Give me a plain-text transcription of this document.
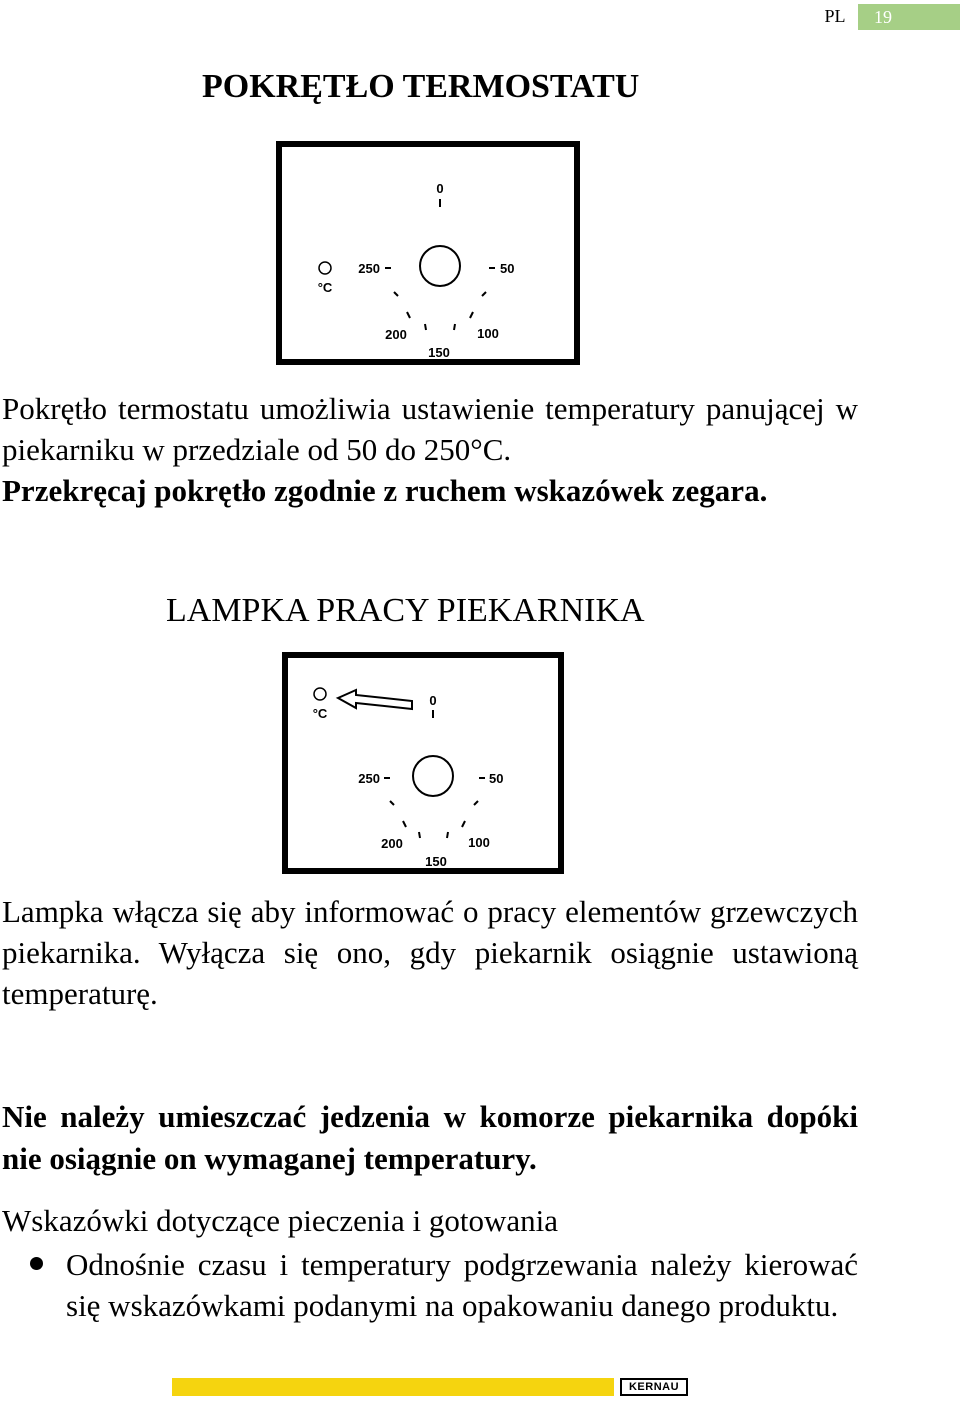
PL	19
POKRĘTŁO TERMOSTATU
0
250	50
200	100
150
°C
Pokrętło termostatu umożliwia ustawienie temperatury panującej w piekarniku w przedziale od 50 do 250°C.
Przekręcaj pokrętło zgodnie z ruchem wskazówek zegara.
LAMPKA PRACY PIEKARNIKA
0
250	50
200	100
150
°C
Lampka włącza się aby informować o pracy elementów grzewczych piekarnika. Wyłącza się ono, gdy piekarnik osiągnie ustawioną temperaturę.
Nie należy umieszczać jedzenia w komorze piekarnika dopóki nie osiągnie on wymaganej temperatury.
Wskazówki dotyczące pieczenia i gotowania
Odnośnie czasu i temperatury podgrzewania należy kierować się wskazówkami podanymi na opakowaniu danego produktu.
KERNAU
